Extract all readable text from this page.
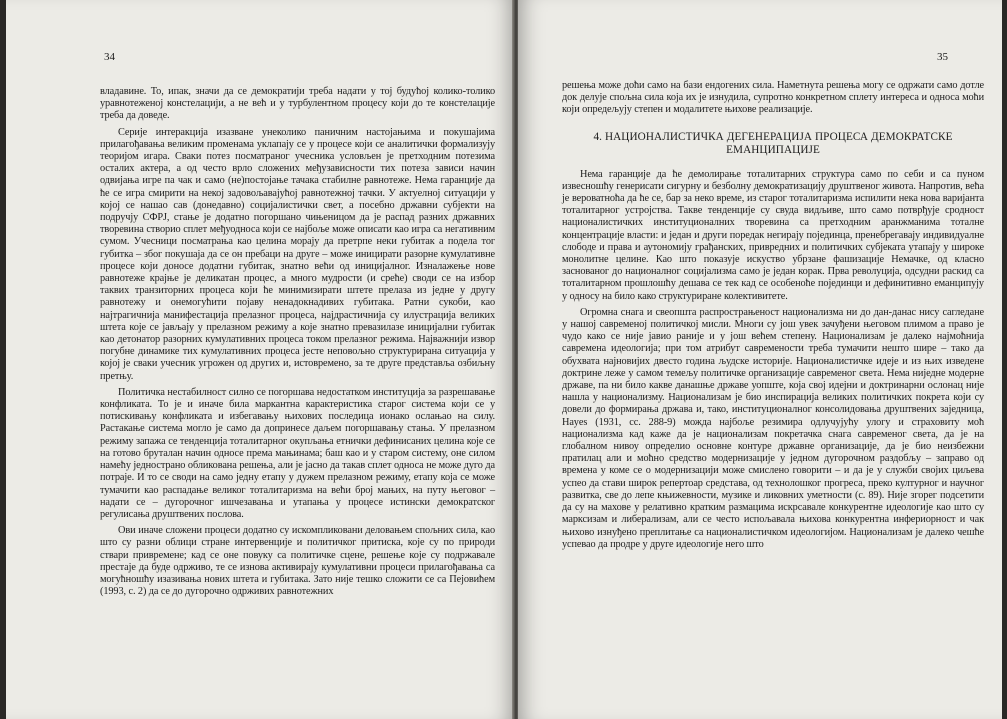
34

владавине. То, ипак, значи да се демократији треба надати у тој будућој колико-толико уравнотеженој констелацији, а не већ и у турбулентном процесу који до те констелације треба да доведе.

Серије интеракција изазване унеколико паничним настојањима и покушајима прилагођавања великим променама уклапају се у процесе који се аналитички формализују теоријом игара. Сваки потез посматраног учесника условљен је претходним потезима осталих актера, а од често врло сложених међузависности тих потеза зависи начин одвијања игре па чак и само (не)постојање тачака стабилне равнотеже. Нема гаранције да ће се игра смирити на некој задовољавајућој равнотежној тачки. У актуелној ситуацији у којој се нашао сав (донедавно) социјалистички свет, а посебно државни субјекти на подручју СФРЈ, стање је додатно погоршано чињеницом да је распад разних државних творевина створио сплет међуодноса који се најбоље може описати као игра са негативним сумом. Учесници посматрања као целина морају да претрпе неки губитак а подела тог губитка – због покушаја да се он пребаци на друге – може иницирати разорне кумулативне процесе који доносе додатни губитак, знатно већи од иницијалног. Изналажење нове равнотеже крајње је деликатан процес, а много мудрости (и среће) своди се на избор таквих транзиторних процеса који ће минимизирати штете прелаза из једне у другу равнотежу и онемогућити појаву ненадокнадивих губитака. Ратни сукоби, као најтрагичнија манифестација прелазног процеса, најдрастичнија су илустрација великих штета које се јављају у прелазном режиму а које знатно превазилазе иницијални губитак као детонатор разорних кумулативних процеса током прелазног режима. Најважнији извор погубне динамике тих кумулативних процеса јесте неповољно структурирана ситуација у којој је сваки учесник угрожен од других и, истовремено, за те друге представља озбиљну претњу.

Политичка нестабилност силно се погоршава недостатком институција за разрешавање конфликата. То је и иначе била маркантна карактеристика старог система који се у потискивању конфликата и избегавању њихових последица ионако ослањао на силу. Растакање система могло је само да допринесе даљем погоршавању стања. У прелазном режиму запажа се тенденција тоталитарног окупљања етнички дефинисаних целина које се на готово бруталан начин односе према мањинама; баш као и у старом систему, оне силом намећу једнострано обликована решења, али је јасно да такав сплет односа не може дуго да потраје. И то се своди на само једну етапу у дужем прелазном режиму, етапу која се може тумачити као распадање великог тоталитаризма на већи број мањих, на путу његовог – надати се – дугорочног ишчезавања и утапања у процесе истински демократског регулисања друштвених послова.

Ови иначе сложени процеси додатно су искомпликовани деловањем спољних сила, као што су разни облици стране интервенције и политичког притиска, које су по природи ствари привремене; кад се оне повуку са политичке сцене, решење које су подржавале престаје да буде одрживо, те се изнова активирају кумулативни процеси прилагођавања са могућношћу изазивања нових штета и губитака. Зато није тешко сложити се са Пејовићем (1993, с. 2) да се до дугорочно одрживих равнотежних

35

решења може доћи само на бази ендогених сила. Наметнута решења могу се одржати само дотле док делује спољна сила која их је изнудила, супротно конкретном сплету интереса и односа моћи који опредељују степен и модалитете њихове реализације.

4. НАЦИОНАЛИСТИЧКА ДЕГЕНЕРАЦИЈА ПРОЦЕСА ДЕМОКРАТСКЕ
ЕМАНЦИПАЦИЈЕ

Нема гаранције да ће демолирање тоталитарних структура само по себи и са пуном извесношћу генерисати сигурну и безболну демократизацију друштвеног живота. Напротив, већа је вероватноћа да ће се, бар за неко време, из старог тоталитаризма испилити нека нова варијанта тоталитарног устројства. Такве тенденције су свуда видљиве, што само потврђује сродност националистичких институционалних творевина са претходним аранжманима тоталне концентрације власти: и један и други поредак негирају појединца, пренебрегавају индивидуалне слободе и права и аутономију грађанских, привредних и политичких субјеката утапају у широке монолитне целине. Као што показује искуство убрзане фашизације Немачке, од класно заснованог до националног социјализма само је један корак. Прва револуција, одсудни раскид са тоталитарном прошлошћу дешава се тек кад се особеноће појединци и дефинитивно еманципују у односу на било како структуриране колективитете.

Огромна снага и свеопшта распрострањеност национализма ни до дан-данас нису сагледане у нашој савременој политичкој мисли. Многи су још увек зачуђени његовом плимом а право је чудо како се није јавио раније и у још већем степену. Национализам је далеко најмоћнија савремена идеологија; при том атрибут савремености треба тумачити нешто шире – тако да обухвата најновијих двесто година људске историје. Националистичке идеје и из њих изведене доктрине леже у самом темељу политичке организације савременог света. Нема ниједне модерне државе, па ни било какве данашње државе уопште, која свој идејни и доктринарни ослонац није нашла у национализму. Национализам је био инспирација великих политичких покрета који су довели до формирања држава и, тако, институционалног консолидовања друштвених заједница, Hayes (1931, сс. 288-9) можда најбоље резимира одлучујућу улогу и страховиту моћ национализма кад каже да је национализам покретачка снага савременог света, да је на глобалном нивоу определио основне контуре државне организације, да је био неизбежни пратилац али и моћно средство модернизације у једном дугорочном раздобљу – заправо од времена у коме се о модернизацији може смислено говорити – и да је у служби својих циљева успео да стави широк репертоар средстава, од технолошког прогреса, преко културног и научног развитка, све до лепе књижевности, музике и ликовних уметности (с. 89). Није згорег подсетити да су на махове у релативно кратким размацима искрсавале конкурентне идеологије као што су марксизам и либерализам, али се често испољавала њихова конкурентна инфериорност и чак њихово изнуђено преплитање са националистичком идеологијом. Национализам је далеко чешће успевао да продре у друге идеологије него што
